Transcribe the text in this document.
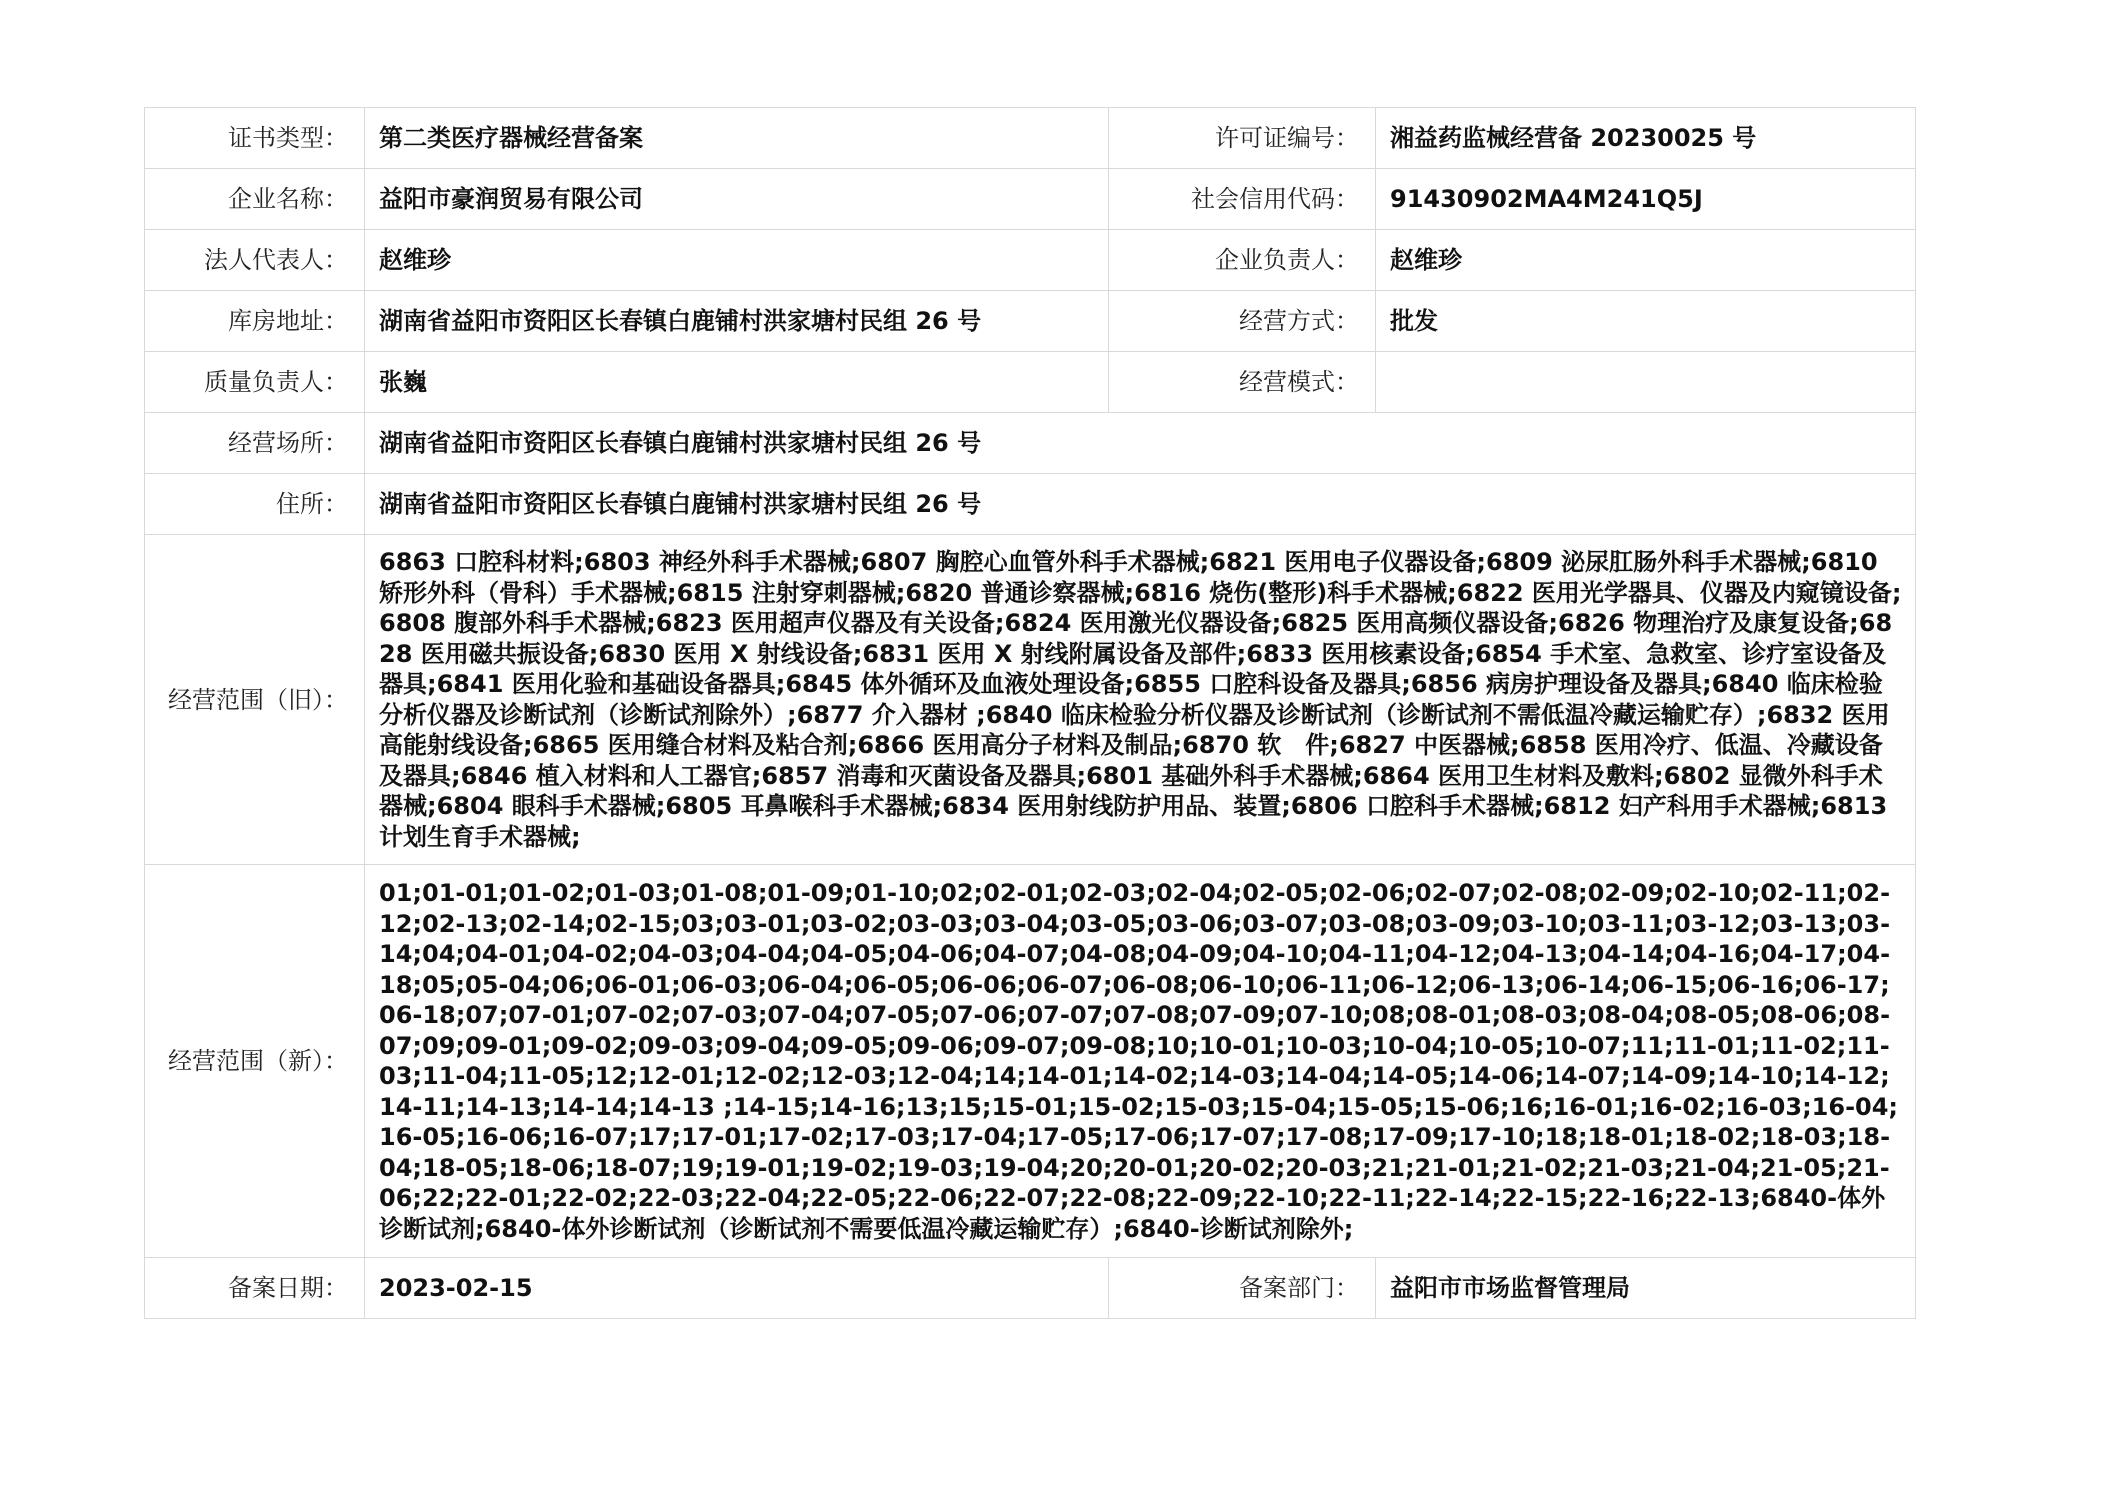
证书类型：	第二类医疗器械经营备案	许可证编号：	湘益药监械经营备 20230025 号
企业名称：	益阳市豪润贸易有限公司	社会信用代码：	91430902MA4M241Q5J
法人代表人：	赵维珍	企业负责人：	赵维珍
库房地址：	湖南省益阳市资阳区长春镇白鹿铺村洪家塘村民组 26 号	经营方式：	批发
质量负责人：	张巍	经营模式：	
经营场所：	湖南省益阳市资阳区长春镇白鹿铺村洪家塘村民组 26 号		
住所：	湖南省益阳市资阳区长春镇白鹿铺村洪家塘村民组 26 号		
经营范围（旧）：	6863 口腔科材料;6803 神经外科手术器械;6807 胸腔心血管外科手术器械;6821 医用电子仪器设备;6809 泌尿肛肠外科手术器械;6810 矫形外科（骨科）手术器械;6815 注射穿刺器械;6820 普通诊察器械;6816 烧伤(整形)科手术器械;6822 医用光学器具、仪器及内窥镜设备;6808 腹部外科手术器械;6823 医用超声仪器及有关设备;6824 医用激光仪器设备;6825 医用高频仪器设备;6826 物理治疗及康复设备;6828 医用磁共振设备;6830 医用 X 射线设备;6831 医用 X 射线附属设备及部件;6833 医用核素设备;6854 手术室、急救室、诊疗室设备及器具;6841 医用化验和基础设备器具;6845 体外循环及血液处理设备;6855 口腔科设备及器具;6856 病房护理设备及器具;6840 临床检验分析仪器及诊断试剂（诊断试剂除外）;6877 介入器材 ;6840 临床检验分析仪器及诊断试剂（诊断试剂不需低温冷藏运输贮存）;6832 医用高能射线设备;6865 医用缝合材料及粘合剂;6866 医用高分子材料及制品;6870 软　件;6827 中医器械;6858 医用冷疗、低温、冷藏设备及器具;6846 植入材料和人工器官;6857 消毒和灭菌设备及器具;6801 基础外科手术器械;6864 医用卫生材料及敷料;6802 显微外科手术器械;6804 眼科手术器械;6805 耳鼻喉科手术器械;6834 医用射线防护用品、装置;6806 口腔科手术器械;6812 妇产科用手术器械;6813 计划生育手术器械;		
经营范围（新）：	01;01-01;01-02;01-03;01-08;01-09;01-10;02;02-01;02-03;02-04;02-05;02-06;02-07;02-08;02-09;02-10;02-11;02-12;02-13;02-14;02-15;03;03-01;03-02;03-03;03-04;03-05;03-06;03-07;03-08;03-09;03-10;03-11;03-12;03-13;03-14;04;04-01;04-02;04-03;04-04;04-05;04-06;04-07;04-08;04-09;04-10;04-11;04-12;04-13;04-14;04-16;04-17;04-18;05;05-04;06;06-01;06-03;06-04;06-05;06-06;06-07;06-08;06-10;06-11;06-12;06-13;06-14;06-15;06-16;06-17;06-18;07;07-01;07-02;07-03;07-04;07-05;07-06;07-07;07-08;07-09;07-10;08;08-01;08-03;08-04;08-05;08-06;08-07;09;09-01;09-02;09-03;09-04;09-05;09-06;09-07;09-08;10;10-01;10-03;10-04;10-05;10-07;11;11-01;11-02;11-03;11-04;11-05;12;12-01;12-02;12-03;12-04;14;14-01;14-02;14-03;14-04;14-05;14-06;14-07;14-09;14-10;14-12;14-11;14-13;14-14;14-13 ;14-15;14-16;13;15;15-01;15-02;15-03;15-04;15-05;15-06;16;16-01;16-02;16-03;16-04;16-05;16-06;16-07;17;17-01;17-02;17-03;17-04;17-05;17-06;17-07;17-08;17-09;17-10;18;18-01;18-02;18-03;18-04;18-05;18-06;18-07;19;19-01;19-02;19-03;19-04;20;20-01;20-02;20-03;21;21-01;21-02;21-03;21-04;21-05;21-06;22;22-01;22-02;22-03;22-04;22-05;22-06;22-07;22-08;22-09;22-10;22-11;22-14;22-15;22-16;22-13;6840-体外诊断试剂;6840-体外诊断试剂（诊断试剂不需要低温冷藏运输贮存）;6840-诊断试剂除外;		
备案日期：	2023-02-15	备案部门：	益阳市市场监督管理局
